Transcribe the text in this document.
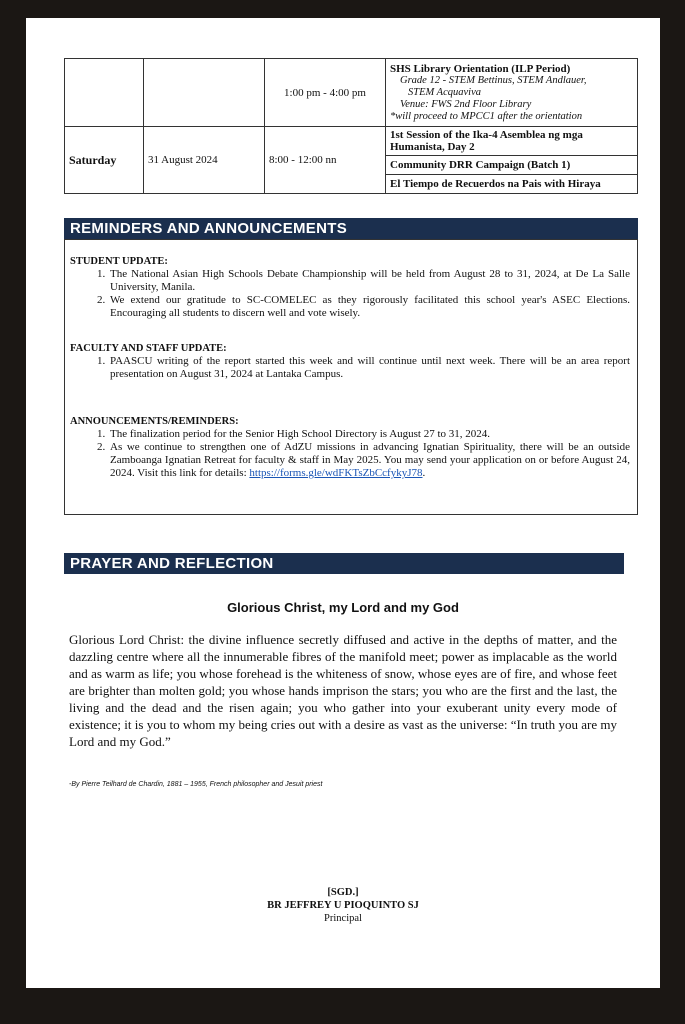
		1:00 pm - 4:00 pm	SHS Library Orientation (ILP Period)
Grade 12 - STEM Bettinus, STEM Andlauer,
STEM Acquaviva
Venue: FWS 2nd Floor Library
*will proceed to MPCC1 after the orientation

Saturday	31 August 2024	8:00 - 12:00 nn	1st Session of the Ika-4 Asemblea ng mga Humanista, Day 2
			Community DRR Campaign (Batch 1)
			El Tiempo de Recuerdos na Pais with Hiraya
REMINDERS AND ANNOUNCEMENTS
STUDENT UPDATE:
1. The National Asian High Schools Debate Championship will be held from August 28 to 31, 2024, at De La Salle University, Manila.
2. We extend our gratitude to SC-COMELEC as they rigorously facilitated this school year's ASEC Elections. Encouraging all students to discern well and vote wisely.
FACULTY AND STAFF UPDATE:
1. PAASCU writing of the report started this week and will continue until next week. There will be an area report presentation on August 31, 2024 at Lantaka Campus.
ANNOUNCEMENTS/REMINDERS:
1. The finalization period for the Senior High School Directory is August 27 to 31, 2024.
2. As we continue to strengthen one of AdZU missions in advancing Ignatian Spirituality, there will be an outside Zamboanga Ignatian Retreat for faculty & staff in May 2025. You may send your application on or before August 24, 2024. Visit this link for details: https://forms.gle/wdFKTsZbCcfykyJ78.
PRAYER AND REFLECTION
Glorious Christ, my Lord and my God
Glorious Lord Christ: the divine influence secretly diffused and active in the depths of matter, and the dazzling centre where all the innumerable fibres of the manifold meet; power as implacable as the world and as warm as life; you whose forehead is the whiteness of snow, whose eyes are of fire, and whose feet are brighter than molten gold; you whose hands imprison the stars; you who are the first and the last, the living and the dead and the risen again; you who gather into your exuberant unity every mode of existence; it is you to whom my being cries out with a desire as vast as the universe: “In truth you are my Lord and my God.”
-By Pierre Teilhard de Chardin, 1881 – 1955, French philosopher and Jesuit priest
[SGD.]
BR JEFFREY U PIOQUINTO SJ
Principal
